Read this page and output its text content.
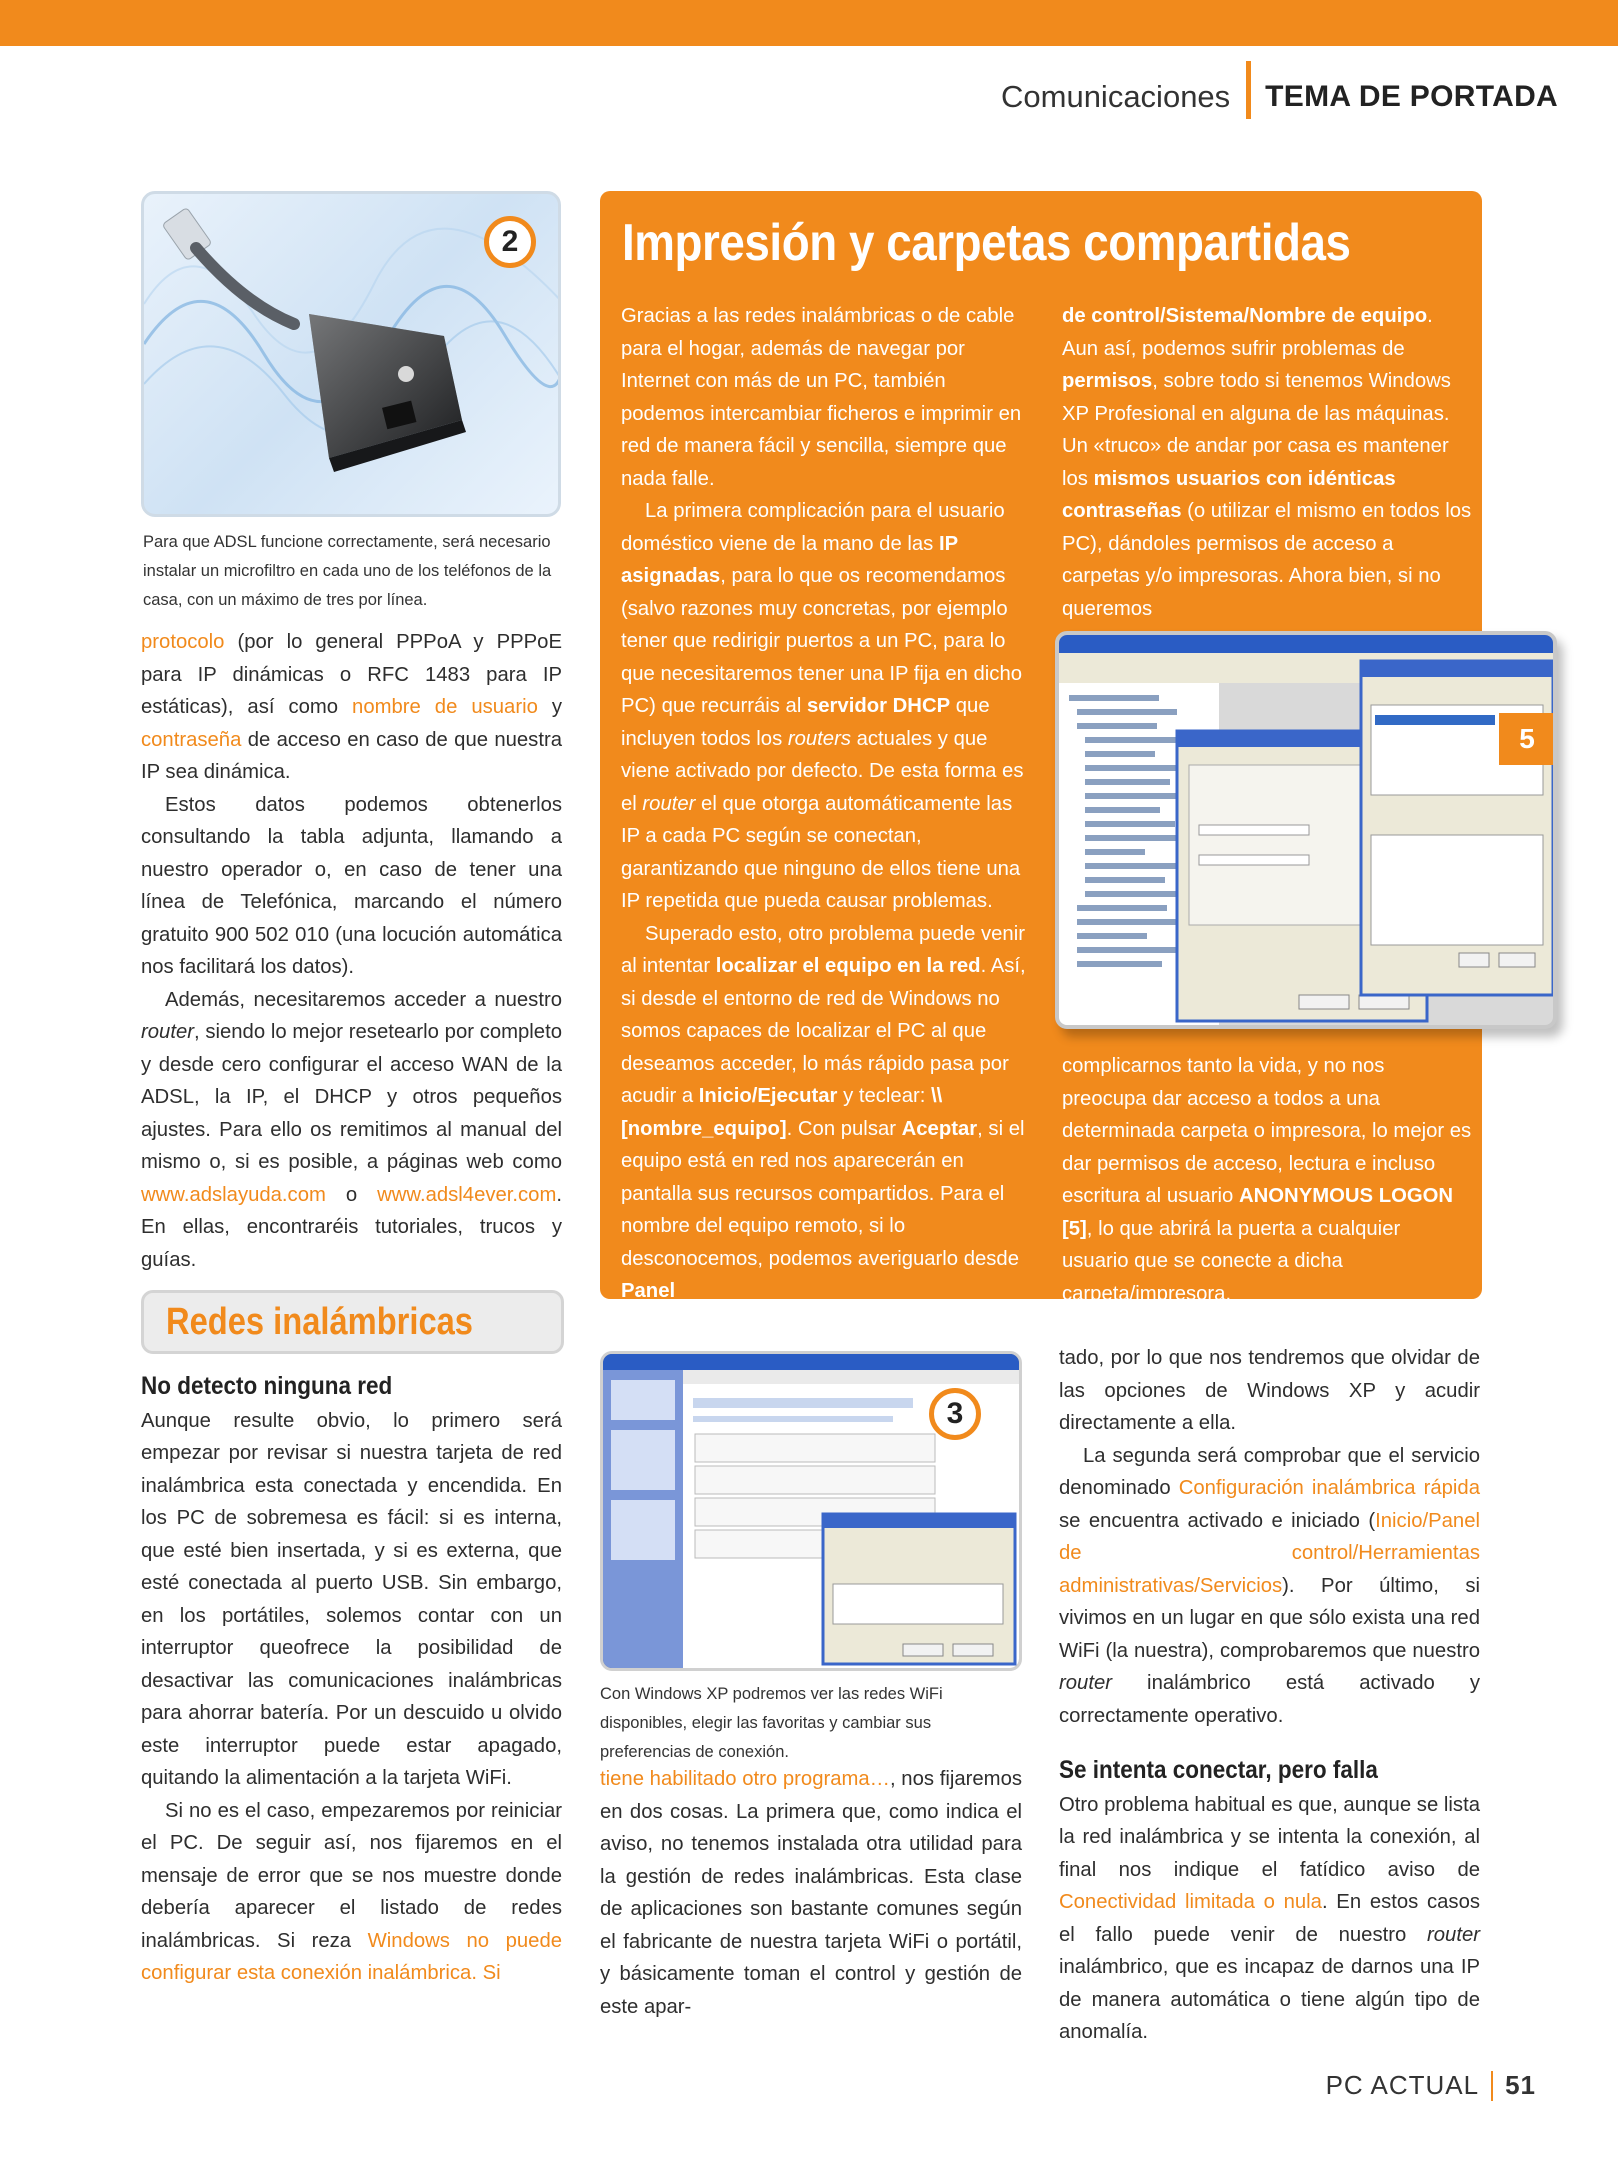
Comunicaciones	TEMA DE PORTADA
2
Para que ADSL funcione correctamente, será necesario instalar un microfiltro en cada uno de los teléfonos de la casa, con un máximo de tres por línea.

protocolo (por lo general PPPoA y PPPoE para IP dinámicas o RFC 1483 para IP estáticas), así como nombre de usuario y contraseña de acceso en caso de que nuestra IP sea dinámica.

Estos datos podemos obtenerlos consultando la tabla adjunta, llamando a nuestro operador o, en caso de tener una línea de Telefónica, marcando el número gratuito 900 502 010 (una locución automática nos facilitará los datos).

Además, necesitaremos acceder a nuestro router, siendo lo mejor resetearlo por completo y desde cero configurar el acceso WAN de la ADSL, la IP, el DHCP y otros pequeños ajustes. Para ello os remitimos al manual del mismo o, si es posible, a páginas web como www.adslayuda.com o www.adsl4ever.com. En ellas, encontraréis tutoriales, trucos y guías.

Redes inalámbricas
No detecto ninguna red

Aunque resulte obvio, lo primero será empezar por revisar si nuestra tarjeta de red inalámbrica esta conectada y encendida. En los PC de sobremesa es fácil: si es interna, que esté bien insertada, y si es externa, que esté conectada al puerto USB. Sin embargo, en los portátiles, solemos contar con un interruptor queofrece la posibilidad de desactivar las comunicaciones inalámbricas para ahorrar batería. Por un descuido u olvido este interruptor puede estar apagado, quitando la alimentación a la tarjeta WiFi.

Si no es el caso, empezaremos por reiniciar el PC. De seguir así, nos fijaremos en el mensaje de error que se nos muestre donde debería aparecer el listado de redes inalámbricas. Si reza Windows no puede configurar esta conexión inalámbrica. Si

Impresión y carpetas compartidas

Gracias a las redes inalámbricas o de cable para el hogar, además de navegar por Internet con más de un PC, también podemos intercambiar ficheros e imprimir en red de manera fácil y sencilla, siempre que nada falle.

La primera complicación para el usuario doméstico viene de la mano de las IP asignadas, para lo que os recomendamos (salvo razones muy concretas, por ejemplo tener que redirigir puertos a un PC, para lo que necesitaremos tener una IP fija en dicho PC) que recurráis al servidor DHCP que incluyen todos los routers actuales y que viene activado por defecto. De esta forma es el router el que otorga automáticamente las IP a cada PC según se conectan, garantizando que ninguno de ellos tiene una IP repetida que pueda causar problemas.

Superado esto, otro problema puede venir al intentar localizar el equipo en la red. Así, si desde el entorno de red de Windows no somos capaces de localizar el PC al que deseamos acceder, lo más rápido pasa por acudir a Inicio/Ejecutar y teclear: \\[nombre_equipo]. Con pulsar Aceptar, si el equipo está en red nos aparecerán en pantalla sus recursos compartidos. Para el nombre del equipo remoto, si lo desconocemos, podemos averiguarlo desde Panel

de control/Sistema/Nombre de equipo. Aun así, podemos sufrir problemas de permisos, sobre todo si tenemos Windows XP Profesional en alguna de las máquinas. Un «truco» de andar por casa es mantener los mismos usuarios con idénticas contraseñas (o utilizar el mismo en todos los PC), dándoles permisos de acceso a carpetas y/o impresoras. Ahora bien, si no queremos

5

complicarnos tanto la vida, y no nos preocupa dar acceso a todos a una determinada carpeta o impresora, lo mejor es dar permisos de acceso, lectura e incluso escritura al usuario ANONYMOUS LOGON [5], lo que abrirá la puerta a cualquier usuario que se conecte a dicha carpeta/impresora.

3
Con Windows XP podremos ver las redes WiFi disponibles, elegir las favoritas y cambiar sus preferencias de conexión.

tiene habilitado otro programa…, nos fijaremos en dos cosas. La primera que, como indica el aviso, no tenemos instalada otra utilidad para la gestión de redes inalámbricas. Esta clase de aplicaciones son bastante comunes según el fabricante de nuestra tarjeta WiFi o portátil, y básicamente toman el control y gestión de este apar-

tado, por lo que nos tendremos que olvidar de las opciones de Windows XP y acudir directamente a ella.

La segunda será comprobar que el servicio denominado Configuración inalámbrica rápida se encuentra activado e iniciado (Inicio/Panel de control/Herramientas administrativas/Servicios). Por último, si vivimos en un lugar en que sólo exista una red WiFi (la nuestra), comprobaremos que nuestro router inalámbrico está activado y correctamente operativo.

Se intenta conectar, pero falla

Otro problema habitual es que, aunque se lista la red inalámbrica y se intenta la conexión, al final nos indique el fatídico aviso de Conectividad limitada o nula. En estos casos el fallo puede venir de nuestro router inalámbrico, que es incapaz de darnos una IP de manera automática o tiene algún tipo de anomalía.

PC ACTUAL 51
